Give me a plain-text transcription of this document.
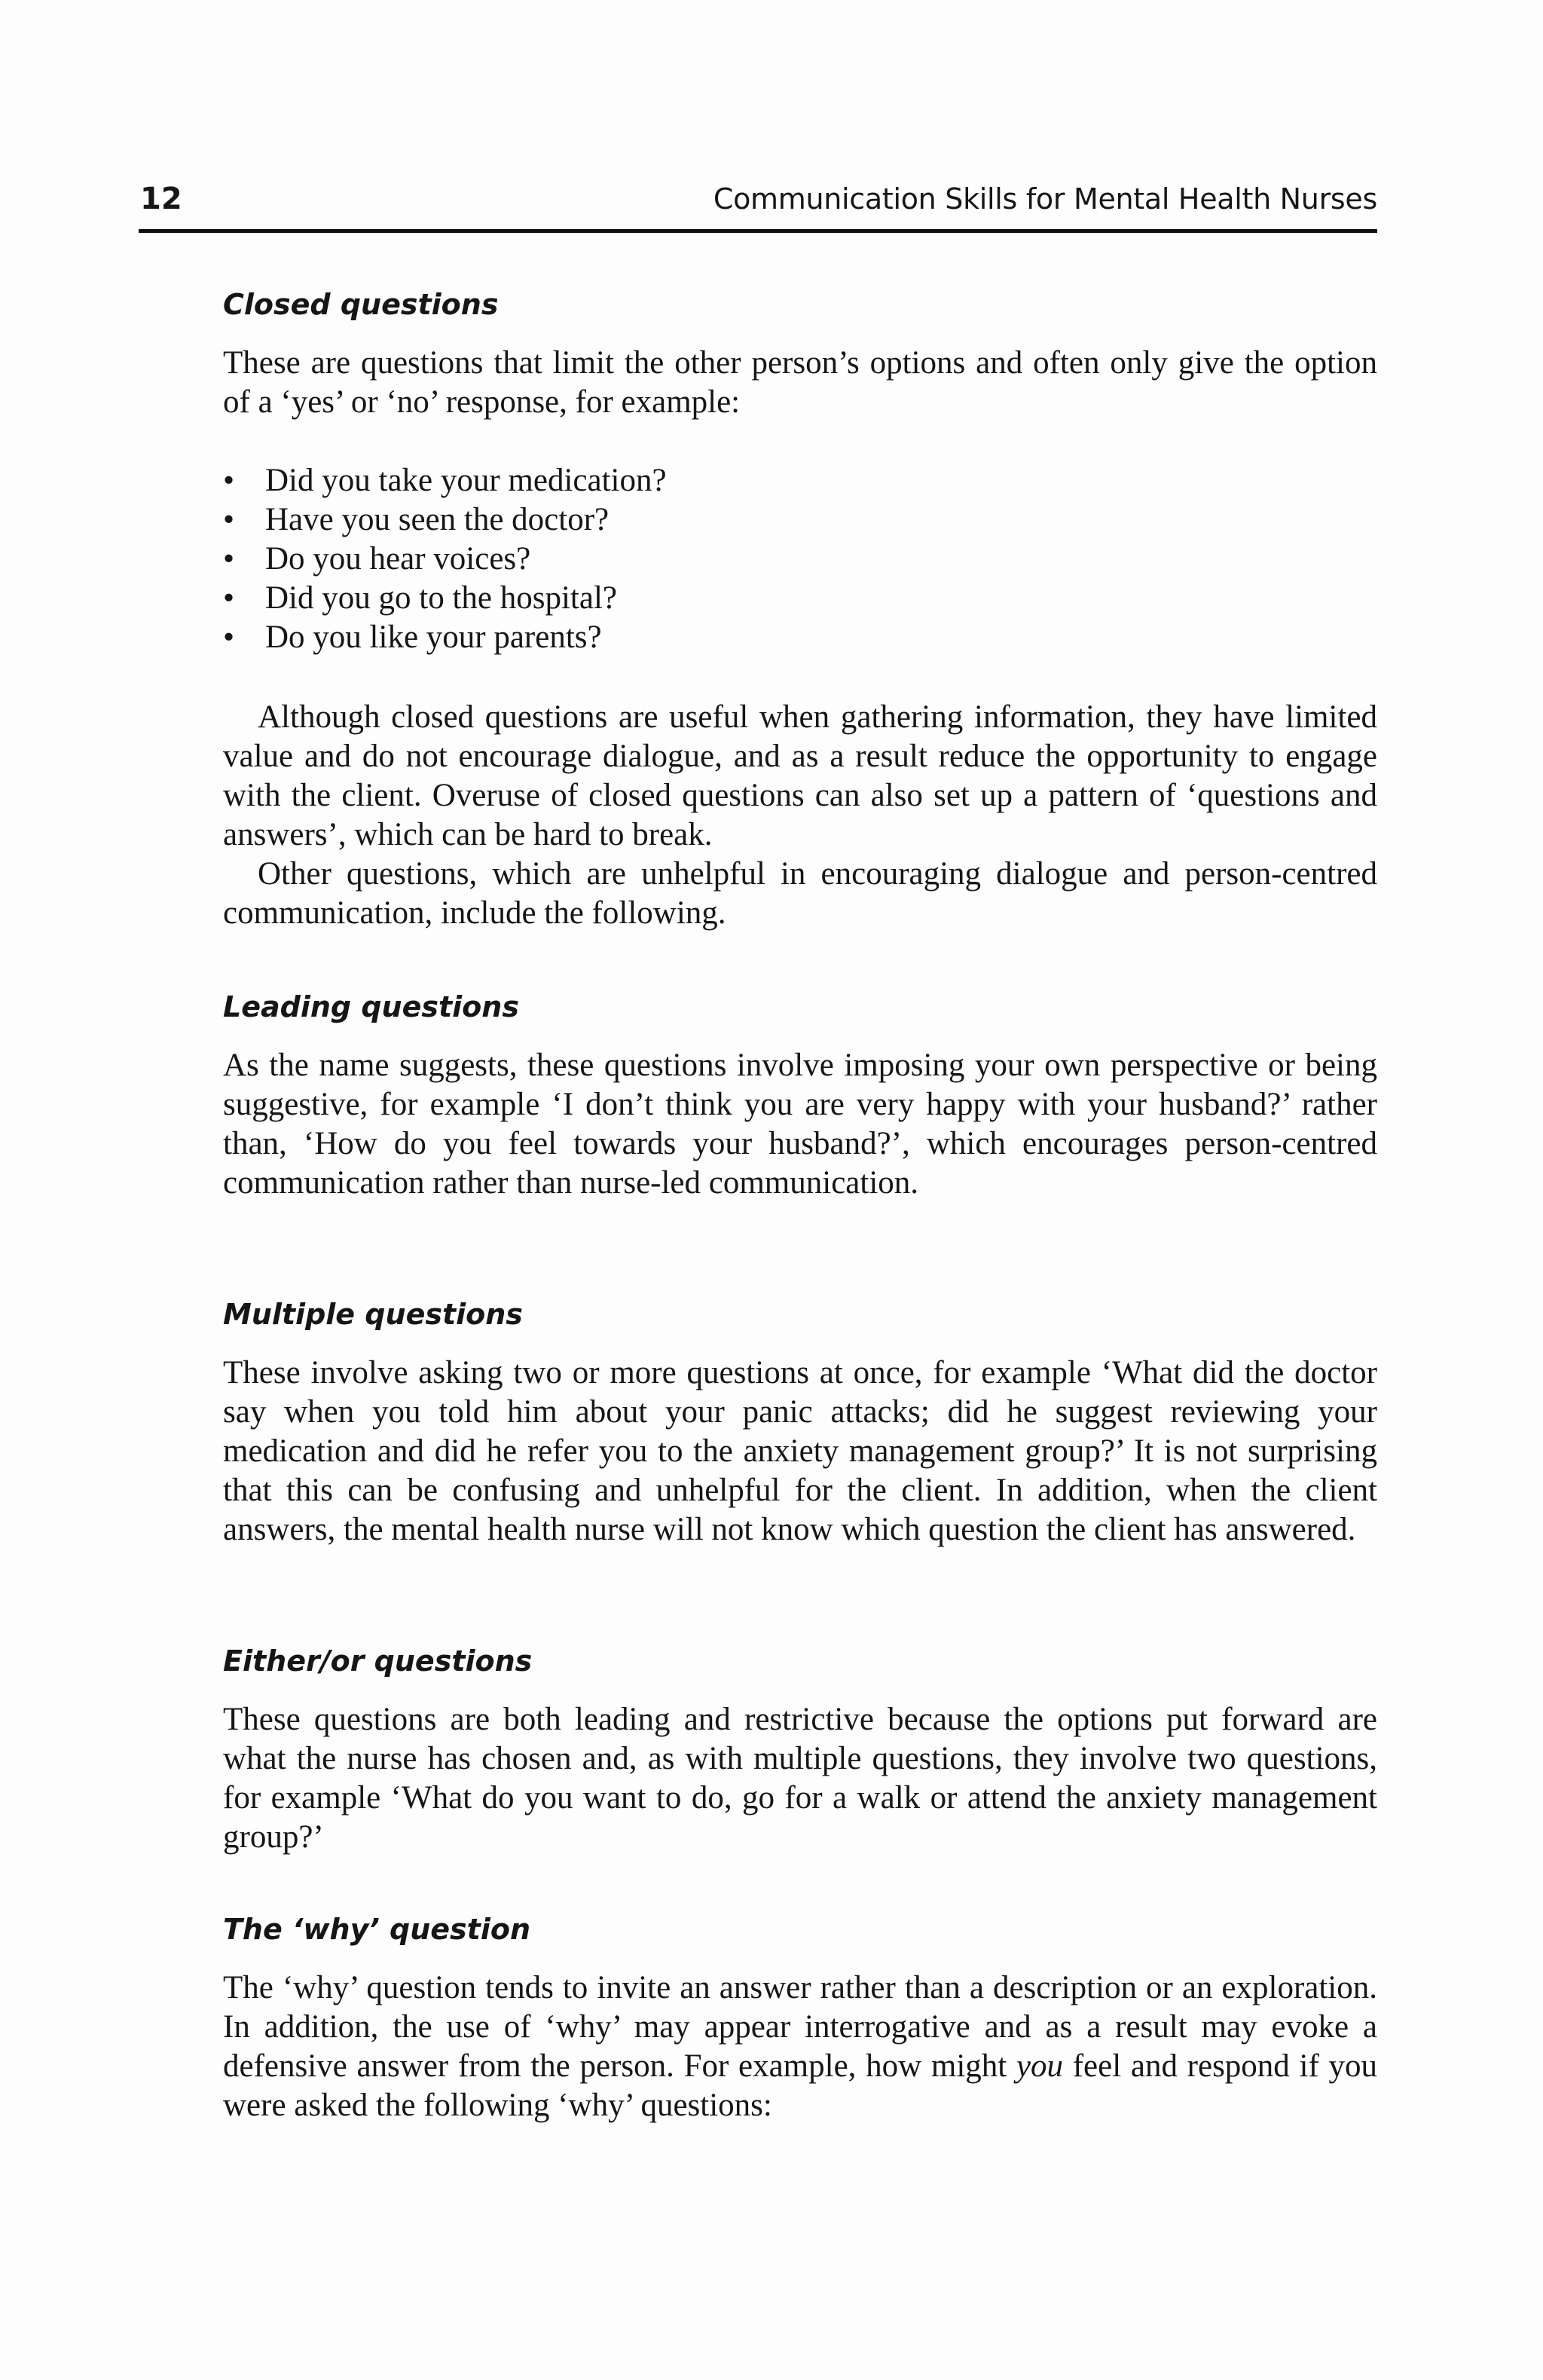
12	Communication Skills for Mental Health Nurses
Closed questions

These are questions that limit the other person’s options and often only give the option of a ‘yes’ or ‘no’ response, for example:

• Did you take your medication?
• Have you seen the doctor?
• Do you hear voices?
• Did you go to the hospital?
• Do you like your parents?

Although closed questions are useful when gathering information, they have limited value and do not encourage dialogue, and as a result reduce the opportunity to engage with the client. Overuse of closed questions can also set up a pattern of ‘questions and answers’, which can be hard to break.

Other questions, which are unhelpful in encouraging dialogue and person-centred communication, include the following.

Leading questions

As the name suggests, these questions involve imposing your own perspective or being suggestive, for example ‘I don’t think you are very happy with your husband?’ rather than, ‘How do you feel towards your husband?’, which encourages person-centred communication rather than nurse-led communication.

Multiple questions

These involve asking two or more questions at once, for example ‘What did the doctor say when you told him about your panic attacks; did he suggest reviewing your medication and did he refer you to the anxiety management group?’ It is not surprising that this can be confusing and unhelpful for the client. In addition, when the client answers, the mental health nurse will not know which question the client has answered.

Either/or questions

These questions are both leading and restrictive because the options put forward are what the nurse has chosen and, as with multiple questions, they involve two questions, for example ‘What do you want to do, go for a walk or attend the anxiety management group?’

The ‘why’ question

The ‘why’ question tends to invite an answer rather than a description or an exploration. In addition, the use of ‘why’ may appear interrogative and as a result may evoke a defensive answer from the person. For example, how might you feel and respond if you were asked the following ‘why’ questions:
